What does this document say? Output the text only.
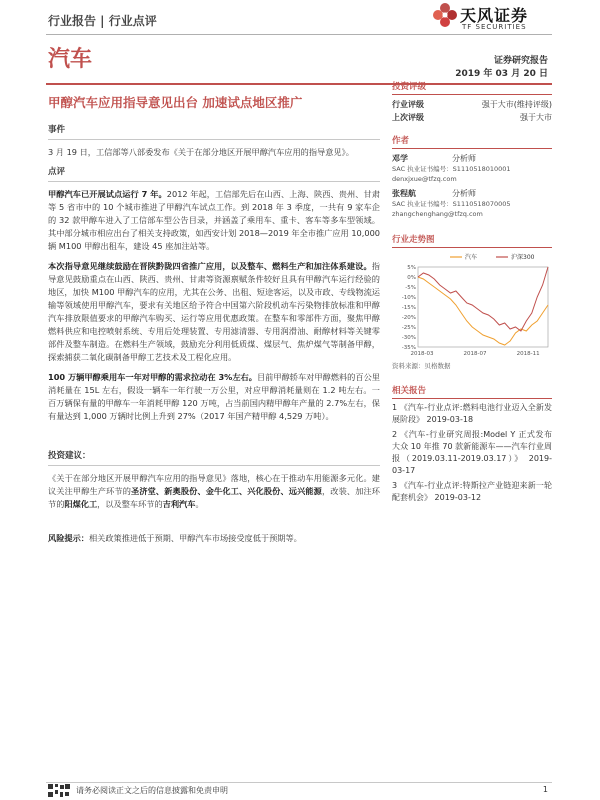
行业报告 | 行业点评	天风证券
TF SECURITIES
汽车	证券研究报告
2019 年 03 月 20 日
甲醇汽车应用指导意见出台 加速试点地区推广
事件
3 月 19 日，工信部等八部委发布《关于在部分地区开展甲醇汽车应用的指导意见》。
点评
甲醇汽车已开展试点运行 7 年。2012 年起，工信部先后在山西、上海、陕西、贵州、甘肃等 5 省市中的 10 个城市推进了甲醇汽车试点工作。到 2018 年 3 季度，一共有 9 家车企的 32 款甲醇车进入了工信部车型公告目录，并涵盖了乘用车、重卡、客车等多车型领域。其中部分城市相应出台了相关支持政策，如西安计划 2018—2019 年全市推广应用 10,000 辆 M100 甲醇出租车，建设 45 座加注站等。
本次指导意见继续鼓励在晋陕黔陇四省推广应用，以及整车、燃料生产和加注体系建设。指导意见鼓励重点在山西、陕西、贵州、甘肃等资源禀赋条件较好且具有甲醇汽车运行经验的地区，加快 M100 甲醇汽车的应用，尤其在公务、出租、短途客运，以及市政、专线物流运输等领域使用甲醇汽车，要求有关地区给予符合中国第六阶段机动车污染物排放标准和甲醇汽车排放限值要求的甲醇汽车购买、运行等应用优惠政策。在整车和零部件方面，聚焦甲醇燃料供应和电控喷射系统、专用后处理装置、专用滤清器、专用润滑油、耐醇材料等关键零部件及整车制造。在燃料生产领域，鼓励充分利用低质煤、煤层气、焦炉煤气等制备甲醇，探索捕获二氧化碳制备甲醇工艺技术及工程化应用。
100 万辆甲醇乘用车一年对甲醇的需求拉动在 3%左右。目前甲醇轿车对甲醇燃料的百公里消耗量在 15L 左右，假设一辆车一年行驶一万公里，对应甲醇消耗量则在 1.2 吨左右。一百万辆保有量的甲醇车一年消耗甲醇 120 万吨，占当前国内精甲醇年产量的 2.7%左右，保有量达到 1,000 万辆时比例上升到 27%（2017 年国产精甲醇 4,529 万吨）。
投资建议：
《关于在部分地区开展甲醇汽车应用的指导意见》落地，核心在于推动车用能源多元化。建议关注甲醇生产环节的圣济堂、新奥股份、金牛化工、兴化股份、远兴能源，改装、加注环节的阳煤化工，以及整车环节的吉利汽车。
风险提示：相关政策推进低于预期、甲醇汽车市场接受度低于预期等。
投资评级
行业评级	强于大市(维持评级)
上次评级	强于大市
作者
邓学	分析师
SAC 执业证书编号：S1110518010001
denxjxue@tfzq.com
张程航	分析师
SAC 执业证书编号：S1110518070005
zhangchenghang@tfzq.com
行业走势图
5%
0%
-5%
-10%
-15%
-20%
-25%
-30%
-35%
2018-03	2018-07	2018-11
汽车	沪深300
资料来源：贝格数据
相关报告
1 《汽车-行业点评:燃料电池行业迈入全新发展阶段》 2019-03-18
2 《汽车-行业研究周报:Model Y 正式发布 大众 10 年推 70 款新能源车——汽车行业周报（2019.03.11-2019.03.17）》 2019-03-17
3 《汽车-行业点评:特斯拉产业链迎来新一轮配套机会》 2019-03-12
请务必阅读正文之后的信息披露和免责申明	1
